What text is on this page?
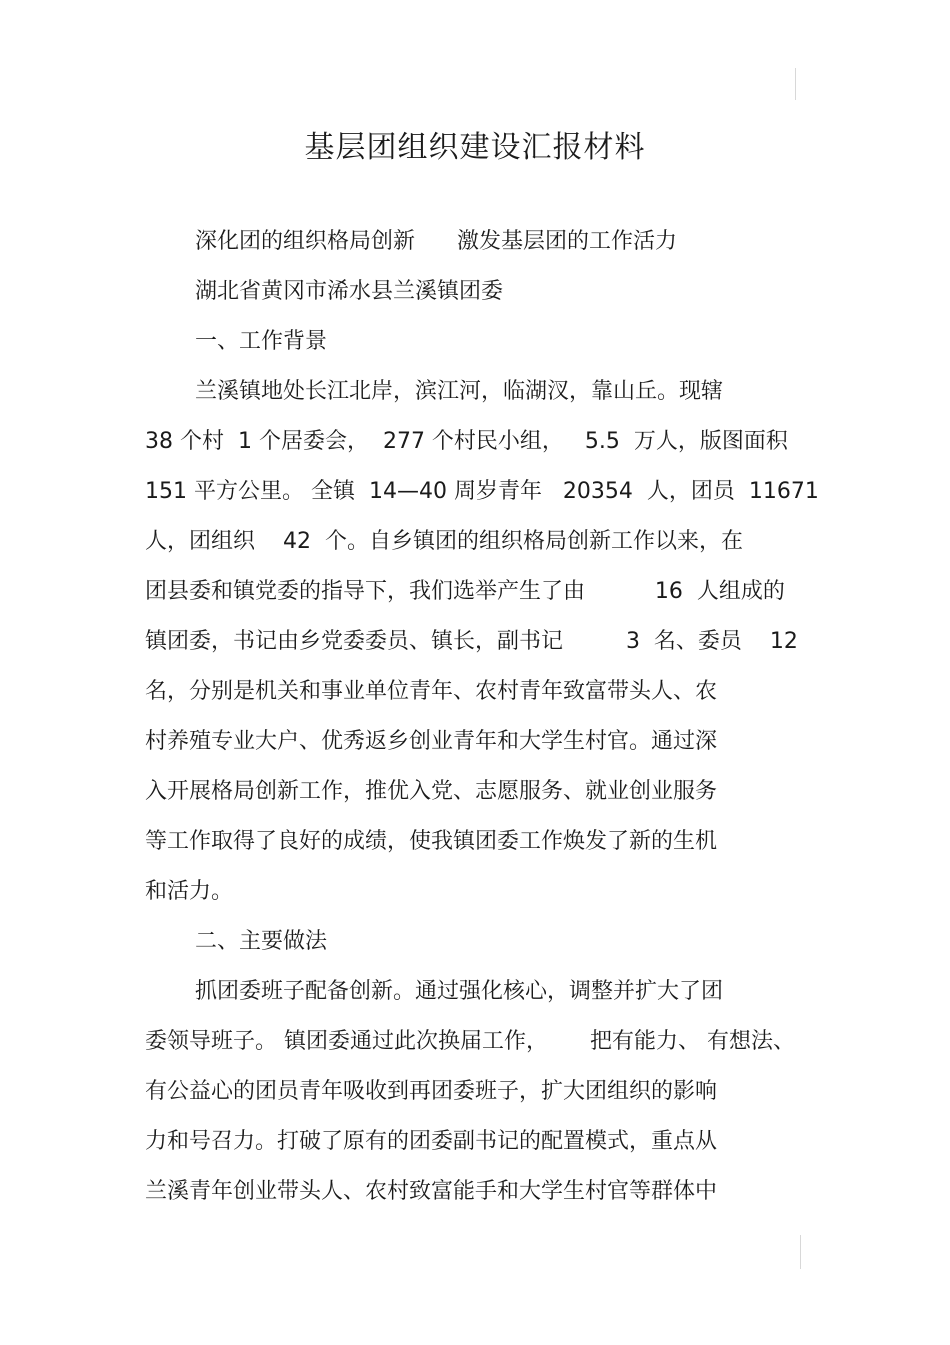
基层团组织建设汇报材料
深化团的组织格局创新      激发基层团的工作活力
湖北省黄冈市浠水县兰溪镇团委
一、工作背景
兰溪镇地处长江北岸，滨江河，临湖汊，靠山丘。现辖
38 个村  1 个居委会，  277 个村民小组，   5.5  万人，版图面积
151 平方公里。 全镇  14—40 周岁青年   20354  人，团员  11671
人，团组织    42  个。自乡镇团的组织格局创新工作以来，在
团县委和镇党委的指导下，我们选举产生了由          16  人组成的
镇团委，书记由乡党委委员、镇长，副书记         3  名、委员    12
名，分别是机关和事业单位青年、农村青年致富带头人、农
村养殖专业大户、优秀返乡创业青年和大学生村官。通过深
入开展格局创新工作，推优入党、志愿服务、就业创业服务
等工作取得了良好的成绩，使我镇团委工作焕发了新的生机
和活力。
二、主要做法
抓团委班子配备创新。通过强化核心，调整并扩大了团
委领导班子。 镇团委通过此次换届工作，      把有能力、 有想法、
有公益心的团员青年吸收到再团委班子，扩大团组织的影响
力和号召力。打破了原有的团委副书记的配置模式，重点从
兰溪青年创业带头人、农村致富能手和大学生村官等群体中
